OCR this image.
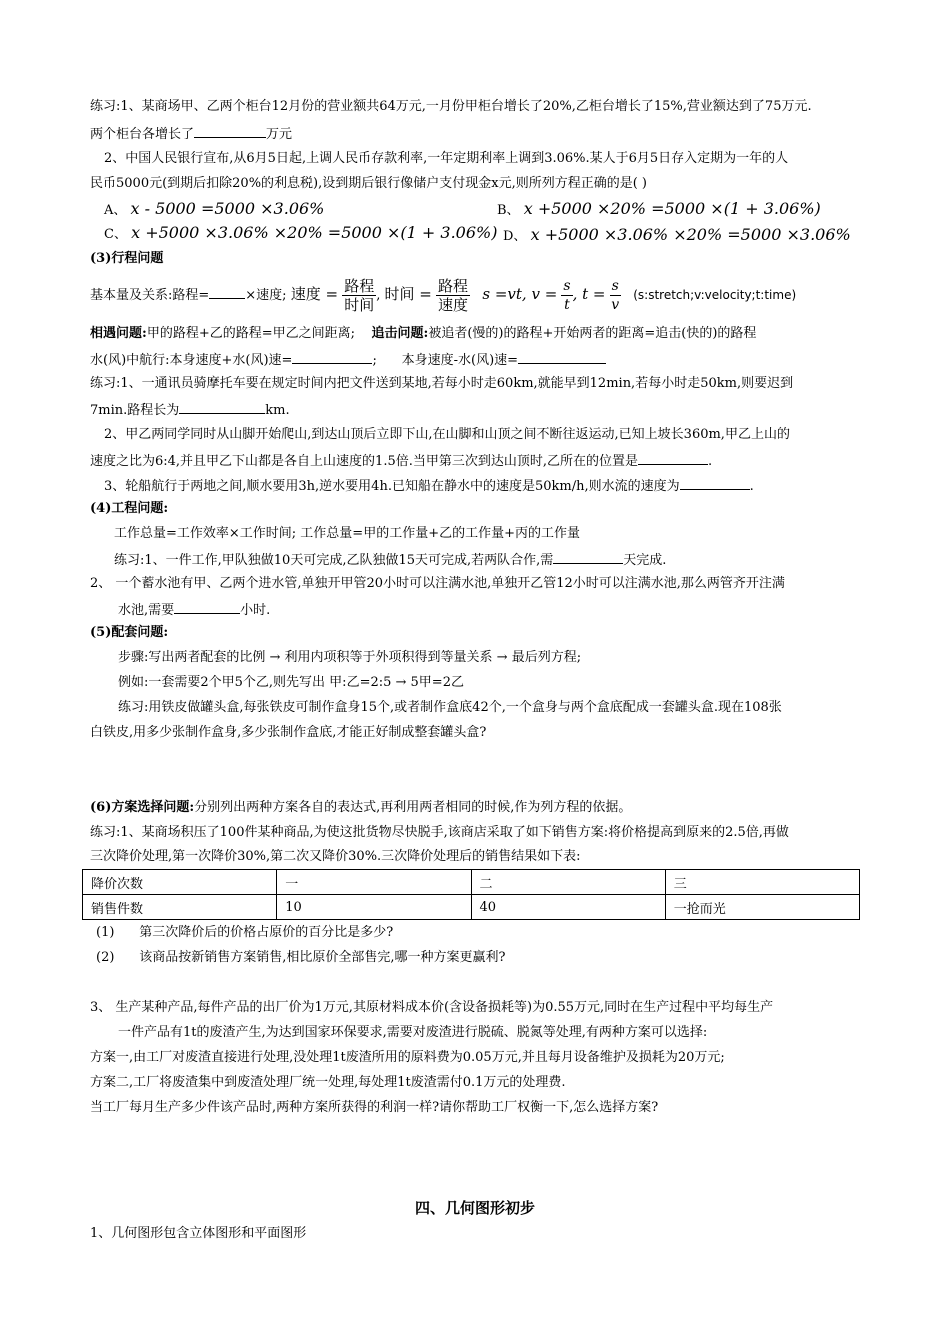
练习:1、某商场甲、乙两个柜台12月份的营业额共64万元,一月份甲柜台增长了20%,乙柜台增长了15%,营业额达到了75万元.
两个柜台各增长了	万元
2、中国人民银行宣布,从6月5日起,上调人民币存款利率,一年定期利率上调到3.06%.某人于6月5日存入定期为一年的人
民币5000元(到期后扣除20%的利息税),设到期后银行像储户支付现金x元,则所列方程正确的是( )
A、 x - 5000 =5000 ×3.06%	B、 x +5000 ×20% =5000 ×(1 + 3.06%)
C、 x +5000 ×3.06% ×20% =5000 ×(1 + 3.06%) D、 x +5000 ×3.06% ×20% =5000 ×3.06%
(3)行程问题
基本量及关系:路程=	×速度; 速度 = $\frac{\text{路程}}{\text{时间}}$ , 时间 = $\frac{\text{路程}}{\text{速度}}$ s =vt, $v = \frac{s}{t}$ , $t = \frac{s}{v}$ (s:stretch;v:velocity;t:time)
相遇问题:甲的路程+乙的路程=甲乙之间距离; 追击问题:被追者(慢的)的路程+开始两者的距离=追击(快的)的路程
水(风)中航行:本身速度+水(风)速=	; 本身速度-水(风)速=
练习:1、一通讯员骑摩托车要在规定时间内把文件送到某地,若每小时走60km,就能早到12min,若每小时走50km,则要迟到
7min.路程长为	km.
2、甲乙两同学同时从山脚开始爬山,到达山顶后立即下山,在山脚和山顶之间不断往返运动,已知上坡长360m,甲乙上山的
速度之比为6:4,并且甲乙下山都是各自上山速度的1.5倍.当甲第三次到达山顶时,乙所在的位置是	.
3、轮船航行于两地之间,顺水要用3h,逆水要用4h.已知船在静水中的速度是50km/h,则水流的速度为	.
(4)工程问题:
工作总量=工作效率×工作时间; 工作总量=甲的工作量+乙的工作量+丙的工作量
练习:1、一件工作,甲队独做10天可完成,乙队独做15天可完成,若两队合作,需	天完成.
2、 一个蓄水池有甲、乙两个进水管,单独开甲管20小时可以注满水池,单独开乙管12小时可以注满水池,那么两管齐开注满
水池,需要	小时.
(5)配套问题:
步骤:写出两者配套的比例 → 利用内项积等于外项积得到等量关系 → 最后列方程;
例如:一套需要2个甲5个乙,则先写出 甲:乙=2:5 → 5甲=2乙
练习:用铁皮做罐头盒,每张铁皮可制作盒身15个,或者制作盒底42个,一个盒身与两个盒底配成一套罐头盒.现在108张
白铁皮,用多少张制作盒身,多少张制作盒底,才能正好制成整套罐头盒?
(6)方案选择问题:分别列出两种方案各自的表达式,再利用两者相同的时候,作为列方程的依据。
练习:1、某商场积压了100件某种商品,为使这批货物尽快脱手,该商店采取了如下销售方案:将价格提高到原来的2.5倍,再做
三次降价处理,第一次降价30%,第二次又降价30%.三次降价处理后的销售结果如下表:
降价次数	一	二	三
销售件数	10	40	一抢而光
(1) 第三次降价后的价格占原价的百分比是多少?
(2) 该商品按新销售方案销售,相比原价全部售完,哪一种方案更赢利?
3、 生产某种产品,每件产品的出厂价为1万元,其原材料成本价(含设备损耗等)为0.55万元,同时在生产过程中平均每生产
一件产品有1t的废渣产生,为达到国家环保要求,需要对废渣进行脱硫、脱氮等处理,有两种方案可以选择:
方案一,由工厂对废渣直接进行处理,没处理1t废渣所用的原料费为0.05万元,并且每月设备维护及损耗为20万元;
方案二,工厂将废渣集中到废渣处理厂统一处理,每处理1t废渣需付0.1万元的处理费.
当工厂每月生产多少件该产品时,两种方案所获得的利润一样?请你帮助工厂权衡一下,怎么选择方案?
四、几何图形初步
1、几何图形包含立体图形和平面图形
